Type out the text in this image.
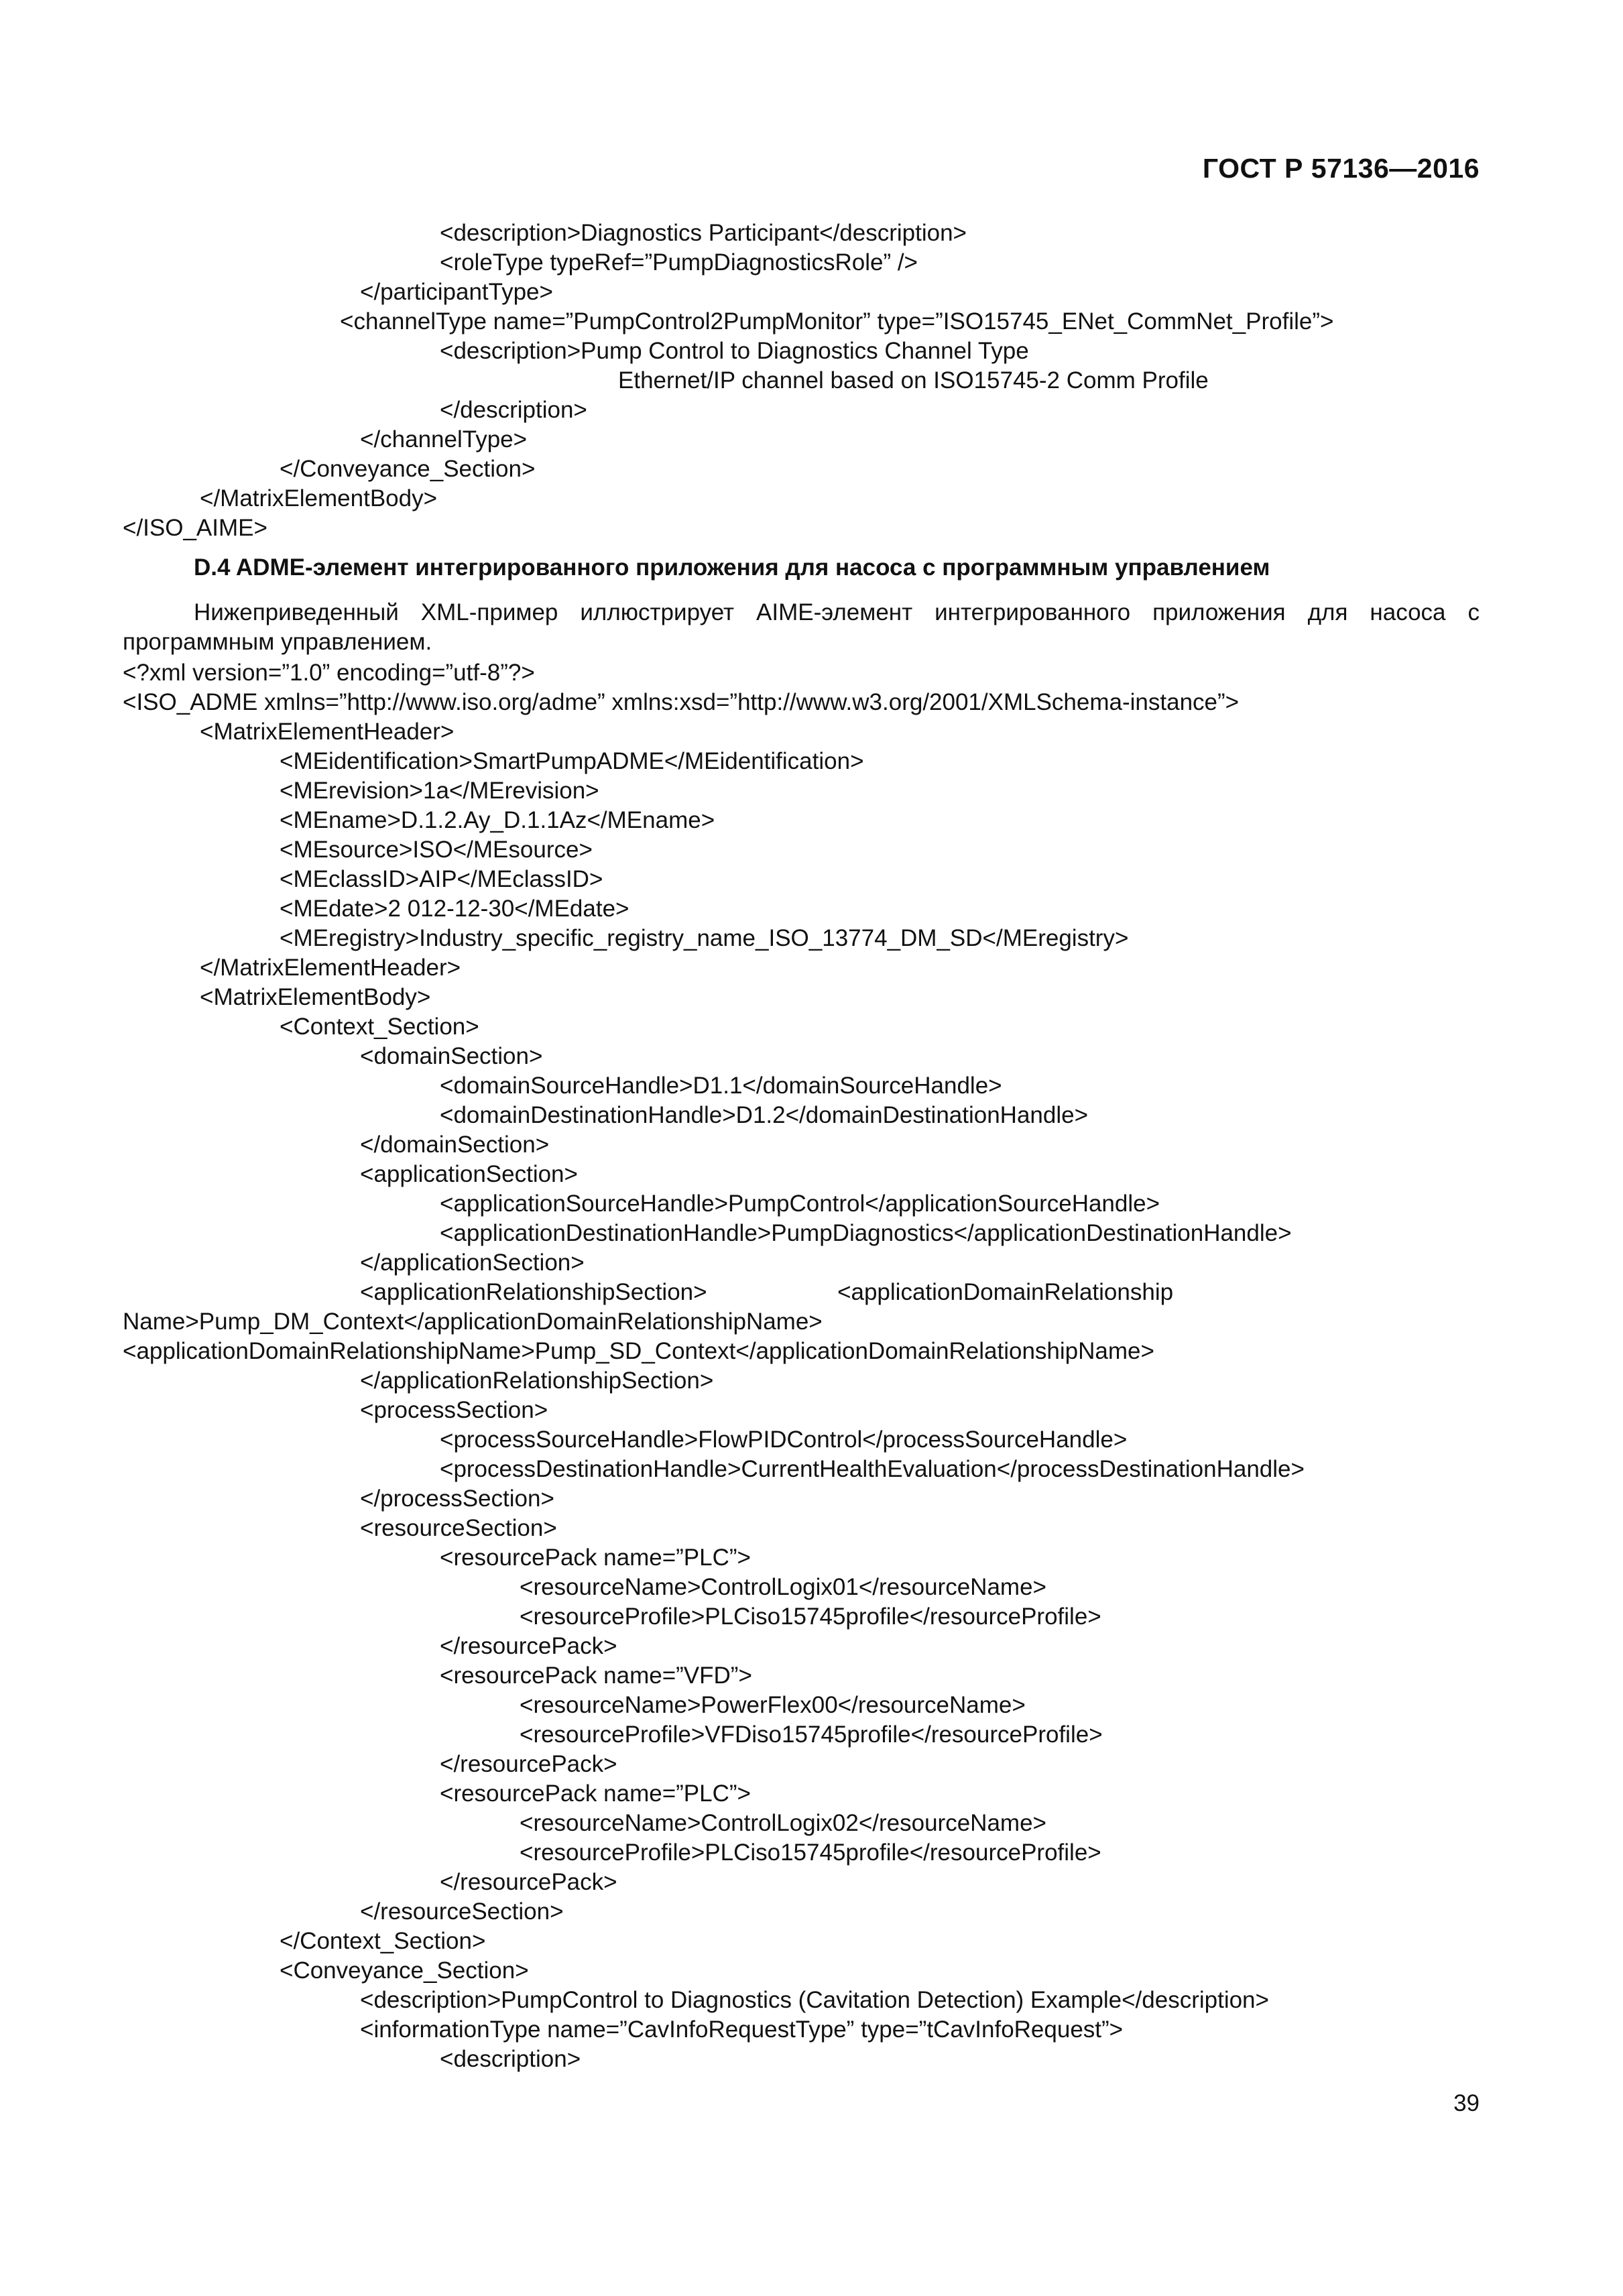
ГОСТ Р 57136—2016
<description>Diagnostics Participant</description>
<roleType typeRef=”PumpDiagnosticsRole” />
</participantType>
<channelType name=”PumpControl2PumpMonitor” type=”ISO15745_ENet_CommNet_Profile”>
<description>Pump Control to Diagnostics Channel Type
Ethernet/IP channel based on ISO15745-2 Comm Profile
</description>
</channelType>
</Conveyance_Section>
</MatrixElementBody>
</ISO_AIME>
D.4 ADME-элемент интегрированного приложения для насоса с программным управлением
Нижеприведенный XML-пример иллюстрирует AIME-элемент интегрированного приложения для насоса с
программным управлением.
<?xml version=”1.0” encoding=”utf-8”?>
<ISO_ADME xmlns=”http://www.iso.org/adme” xmlns:xsd=”http://www.w3.org/2001/XMLSchema-instance”>
<MatrixElementHeader>
<MEidentification>SmartPumpADME</MEidentification>
<MErevision>1a</MErevision>
<MEname>D.1.2.Ay_D.1.1Az</MEname>
<MEsource>ISO</MEsource>
<MEclassID>AIP</MEclassID>
<MEdate>2 012-12-30</MEdate>
<MEregistry>Industry_specific_registry_name_ISO_13774_DM_SD</MEregistry>
</MatrixElementHeader>
<MatrixElementBody>
<Context_Section>
<domainSection>
<domainSourceHandle>D1.1</domainSourceHandle>
<domainDestinationHandle>D1.2</domainDestinationHandle>
</domainSection>
<applicationSection>
<applicationSourceHandle>PumpControl</applicationSourceHandle>
<applicationDestinationHandle>PumpDiagnostics</applicationDestinationHandle>
</applicationSection>
<applicationRelationshipSection>                    <applicationDomainRelationship
Name>Pump_DM_Context</applicationDomainRelationshipName>
<applicationDomainRelationshipName>Pump_SD_Context</applicationDomainRelationshipName>
</applicationRelationshipSection>
<processSection>
<processSourceHandle>FlowPIDControl</processSourceHandle>
<processDestinationHandle>CurrentHealthEvaluation</processDestinationHandle>
</processSection>
<resourceSection>
<resourcePack name=”PLC”>
<resourceName>ControlLogix01</resourceName>
<resourceProfile>PLCiso15745profile</resourceProfile>
</resourcePack>
<resourcePack name=”VFD”>
<resourceName>PowerFlex00</resourceName>
<resourceProfile>VFDiso15745profile</resourceProfile>
</resourcePack>
<resourcePack name=”PLC”>
<resourceName>ControlLogix02</resourceName>
<resourceProfile>PLCiso15745profile</resourceProfile>
</resourcePack>
</resourceSection>
</Context_Section>
<Conveyance_Section>
<description>PumpControl to Diagnostics (Cavitation Detection) Example</description>
<informationType name=”CavInfoRequestType” type=”tCavInfoRequest”>
<description>
39
